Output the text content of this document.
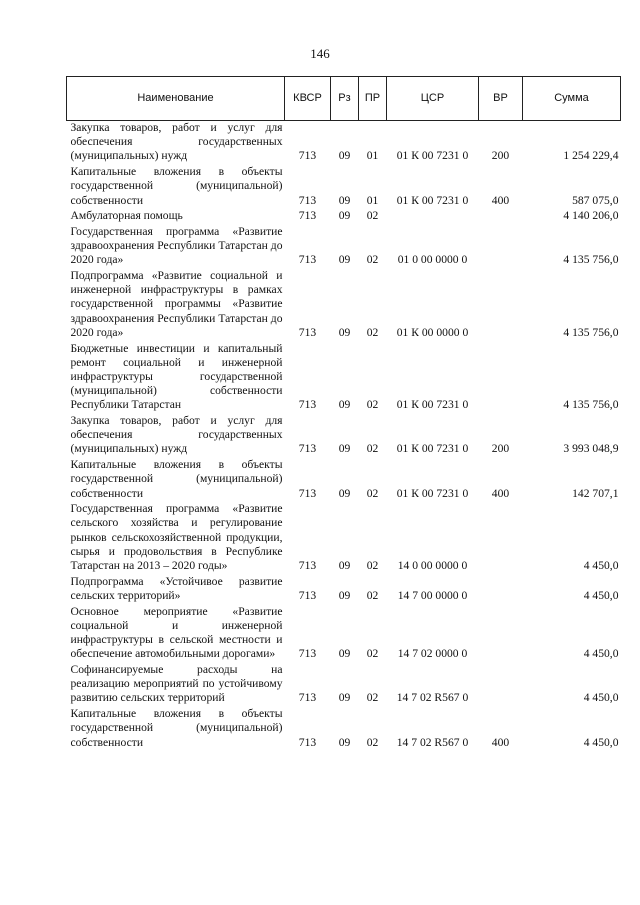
146
Наименование	КВСР	Рз	ПР	ЦСР	ВР	Сумма
Закупка товаров, работ и услуг для обеспечения государственных (муниципальных) нужд	713	09	01	01 К 00 7231 0	200	1 254 229,4
Капитальные вложения в объекты государственной (муниципальной) собственности	713	09	01	01 К 00 7231 0	400	587 075,0
Амбулаторная помощь	713	09	02			4 140 206,0
Государственная программа «Развитие здравоохранения Республики Татарстан до 2020 года»	713	09	02	01 0 00 0000 0		4 135 756,0
Подпрограмма «Развитие социальной и инженерной инфраструктуры в рамках государственной программы «Развитие здравоохранения Республики Татарстан до 2020 года»	713	09	02	01 К 00 0000 0		4 135 756,0
Бюджетные инвестиции и капитальный ремонт социальной и инженерной инфраструктуры государственной (муниципальной) собственности Республики Татарстан	713	09	02	01 К 00 7231 0		4 135 756,0
Закупка товаров, работ и услуг для обеспечения государственных (муниципальных) нужд	713	09	02	01 К 00 7231 0	200	3 993 048,9
Капитальные вложения в объекты государственной (муниципальной) собственности	713	09	02	01 К 00 7231 0	400	142 707,1
Государственная программа «Развитие сельского хозяйства и регулирование рынков сельскохозяйственной продукции, сырья и продовольствия в Республике Татарстан на 2013 – 2020 годы»	713	09	02	14 0 00 0000 0		4 450,0
Подпрограмма «Устойчивое развитие сельских территорий»	713	09	02	14 7 00 0000 0		4 450,0
Основное мероприятие «Развитие социальной и инженерной инфраструктуры в сельской местности и обеспечение автомобильными дорогами»	713	09	02	14 7 02 0000 0		4 450,0
Софинансируемые расходы на реализацию мероприятий по устойчивому развитию сельских территорий	713	09	02	14 7 02 R567 0		4 450,0
Капитальные вложения в объекты государственной (муниципальной) собственности	713	09	02	14 7 02 R567 0	400	4 450,0
